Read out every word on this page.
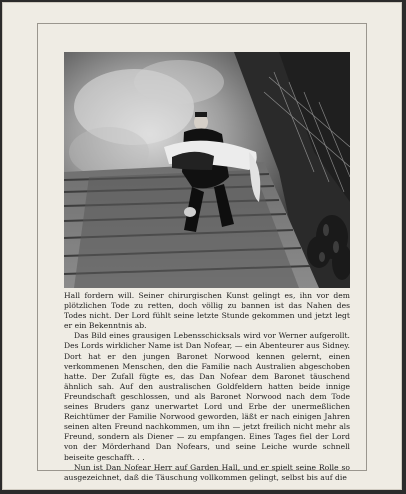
Hall fordern will. Seiner chirurgischen Kunst gelingt es, ihn vor dem plötzlichen Tode zu retten, doch völlig zu bannen ist das Nahen des Todes nicht. Der Lord fühlt seine letzte Stunde gekommen und jetzt legt er ein Bekenntnis ab.

Das Bild eines grausigen Lebensschicksals wird vor Werner aufgerollt. Des Lords wirklicher Name ist Dan Nofear, — ein Abenteurer aus Sidney. Dort hat er den jungen Baronet Norwood kennen gelernt, einen verkommenen Menschen, den die Familie nach Australien abgeschoben hatte. Der Zufall fügte es, das Dan Nofear dem Baronet täuschend ähnlich sah. Auf den australischen Goldfeldern hatten beide innige Freundschaft geschlossen, und als Baronet Norwood nach dem Tode seines Bruders ganz unerwartet Lord und Erbe der unermeßlichen Reichtümer der Familie Norwood geworden, läßt er nach einigen Jahren seinen alten Freund nachkommen, um ihn — jetzt freilich nicht mehr als Freund, sondern als Diener — zu empfangen. Eines Tages fiel der Lord von der Mörderhand Dan Nofears, und seine Leiche wurde schnell beiseite geschafft. . .

Nun ist Dan Nofear Herr auf Garden Hall, und er spielt seine Rolle so ausgezeichnet, daß die Täuschung vollkommen gelingt, selbst bis auf die
